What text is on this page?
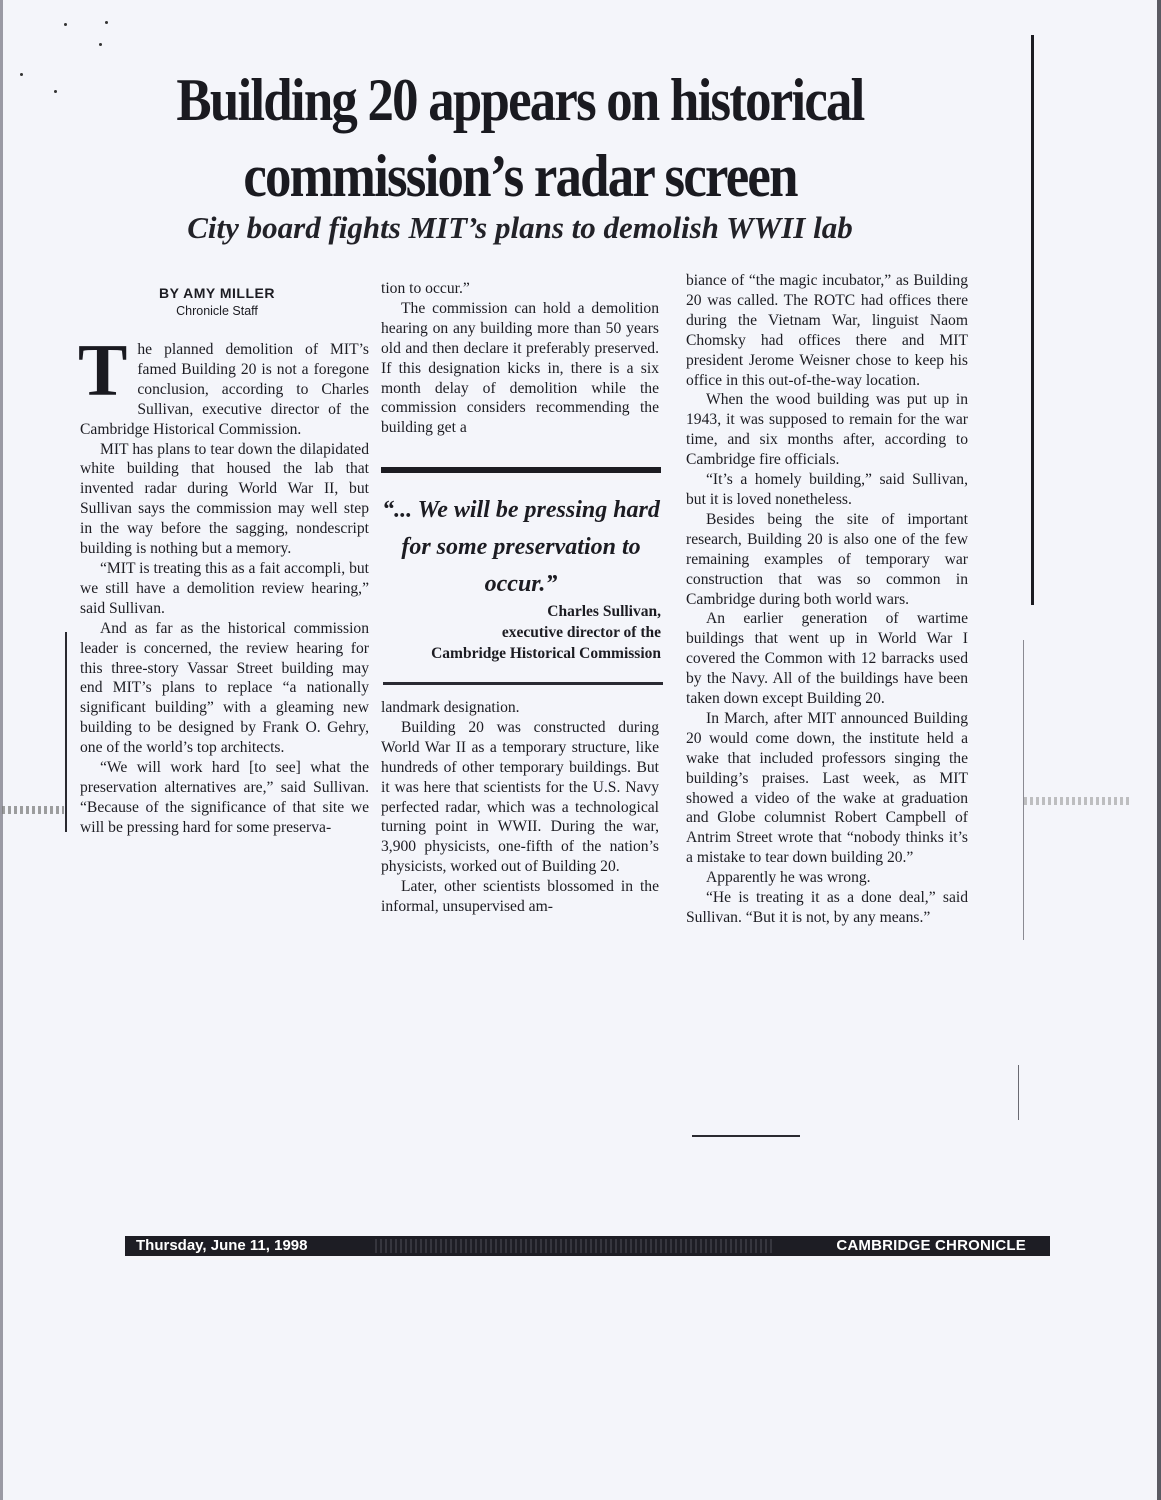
Building 20 appears on historical commission’s radar screen
City board fights MIT’s plans to demolish WWII lab
BY AMY MILLER
Chronicle Staff

The planned demolition of MIT’s famed Building 20 is not a foregone conclusion, according to Charles Sullivan, executive director of the Cambridge Historical Commission.

MIT has plans to tear down the dilapidated white building that housed the lab that invented radar during World War II, but Sullivan says the commission may well step in the way before the sagging, nondescript building is nothing but a memory.

“MIT is treating this as a fait accompli, but we still have a demolition review hearing,” said Sullivan.

And as far as the historical commission leader is concerned, the review hearing for this three-story Vassar Street building may end MIT’s plans to replace “a nationally significant building” with a gleaming new building to be designed by Frank O. Gehry, one of the world’s top architects.

“We will work hard [to see] what the preservation alternatives are,” said Sullivan. “Because of the significance of that site we will be pressing hard for some preserva-

tion to occur.”

The commission can hold a demolition hearing on any building more than 50 years old and then declare it preferably preserved. If this designation kicks in, there is a six month delay of demolition while the commission considers recommending the building get a

“... We will be pressing hard for some preservation to occur.”
Charles Sullivan,
executive director of the
Cambridge Historical Commission

landmark designation.

Building 20 was constructed during World War II as a temporary structure, like hundreds of other temporary buildings. But it was here that scientists for the U.S. Navy perfected radar, which was a technological turning point in WWII. During the war, 3,900 physicists, one-fifth of the nation’s physicists, worked out of Building 20.

Later, other scientists blossomed in the informal, unsupervised am-

biance of “the magic incubator,” as Building 20 was called. The ROTC had offices there during the Vietnam War, linguist Naom Chomsky had offices there and MIT president Jerome Weisner chose to keep his office in this out-of-the-way location.

When the wood building was put up in 1943, it was supposed to remain for the war time, and six months after, according to Cambridge fire officials.

“It’s a homely building,” said Sullivan, but it is loved nonetheless.

Besides being the site of important research, Building 20 is also one of the few remaining examples of temporary war construction that was so common in Cambridge during both world wars.

An earlier generation of wartime buildings that went up in World War I covered the Common with 12 barracks used by the Navy. All of the buildings have been taken down except Building 20.

In March, after MIT announced Building 20 would come down, the institute held a wake that included professors singing the building’s praises. Last week, as MIT showed a video of the wake at graduation and Globe columnist Robert Campbell of Antrim Street wrote that “nobody thinks it’s a mistake to tear down building 20.”

Apparently he was wrong.

“He is treating it as a done deal,” said Sullivan. “But it is not, by any means.”

Thursday, June 11, 1998	CAMBRIDGE CHRONICLE
